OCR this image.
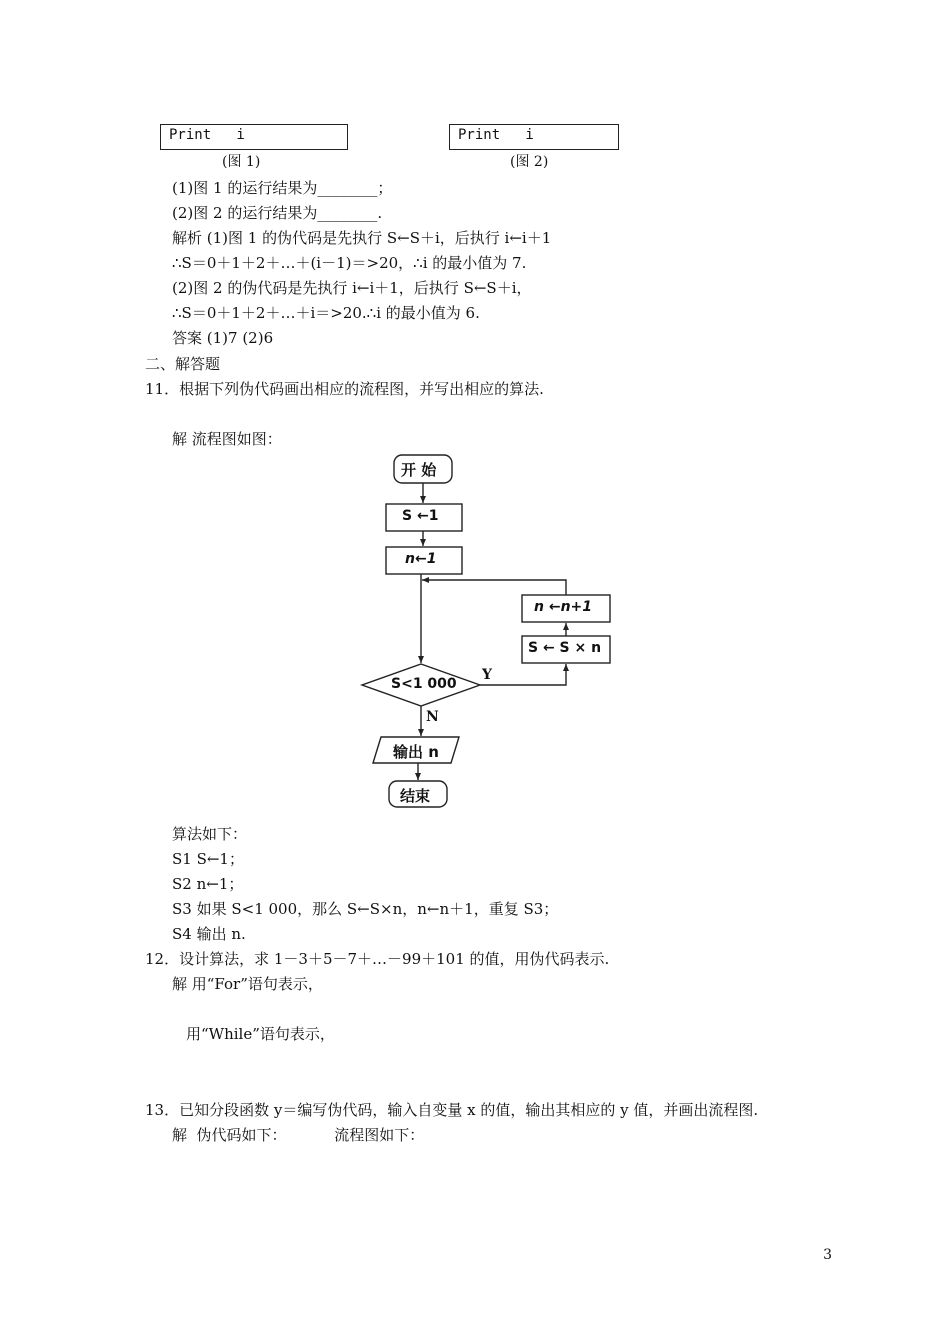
Print   i
(图 1)
Print   i
(图 2)
(1)图 1 的运行结果为________；
(2)图 2 的运行结果为________.
解析 (1)图 1 的伪代码是先执行 S←S＋i，后执行 i←i＋1
∴S＝0＋1＋2＋…＋(i－1)＝>20，∴i 的最小值为 7.
(2)图 2 的伪代码是先执行 i←i＋1，后执行 S←S＋i，
∴S＝0＋1＋2＋…＋i＝>20.∴i 的最小值为 6.
答案 (1)7 (2)6
二、解答题
11．根据下列伪代码画出相应的流程图，并写出相应的算法.
解 流程图如图：
开 始
S ←1
n←1
n ←n+1
S ← S × n
S<1 000
Y
N
输出 n
结束
算法如下：
S1 S←1；
S2 n←1；
S3 如果 S<1 000，那么 S←S×n，n←n＋1，重复 S3；
S4 输出 n.
12．设计算法，求 1－3＋5－7＋…－99＋101 的值，用伪代码表示.
解 用“For”语句表示，
用“While”语句表示，
13．已知分段函数 y＝编写伪代码，输入自变量 x 的值，输出其相应的 y 值，并画出流程图.
解  伪代码如下：          流程图如下：
3
